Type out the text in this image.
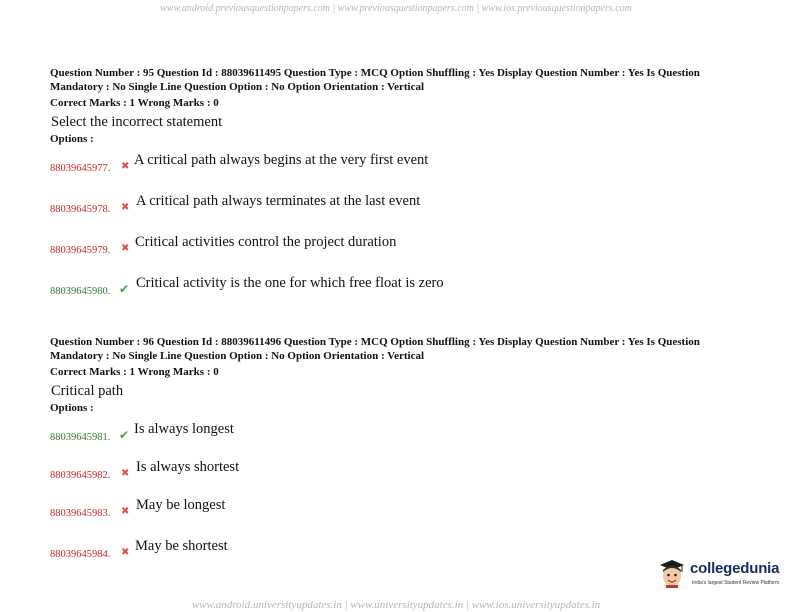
www.android.previousquestionpapers.com | www.previousquestionpapers.com | www.ios.previousquestionpapers.com
Question Number : 95 Question Id : 88039611495 Question Type : MCQ Option Shuffling : Yes Display Question Number : Yes Is Question
Mandatory : No Single Line Question Option : No Option Orientation : Vertical
Correct Marks : 1 Wrong Marks : 0
Select the incorrect statement
Options :
88039645977. ✖ A critical path always begins at the very first event
88039645978. ✖ A critical path always terminates at the last event
88039645979. ✖ Critical activities control the project duration
88039645980. ✔ Critical activity is the one for which free float is zero
Question Number : 96 Question Id : 88039611496 Question Type : MCQ Option Shuffling : Yes Display Question Number : Yes Is Question
Mandatory : No Single Line Question Option : No Option Orientation : Vertical
Correct Marks : 1 Wrong Marks : 0
Critical path
Options :
88039645981. ✔ Is always longest
88039645982. ✖ Is always shortest
88039645983. ✖ May be longest
88039645984. ✖ May be shortest
collegedunia
India's largest Student Review Platform
www.android.universityupdates.in | www.universityupdates.in | www.ios.universityupdates.in
